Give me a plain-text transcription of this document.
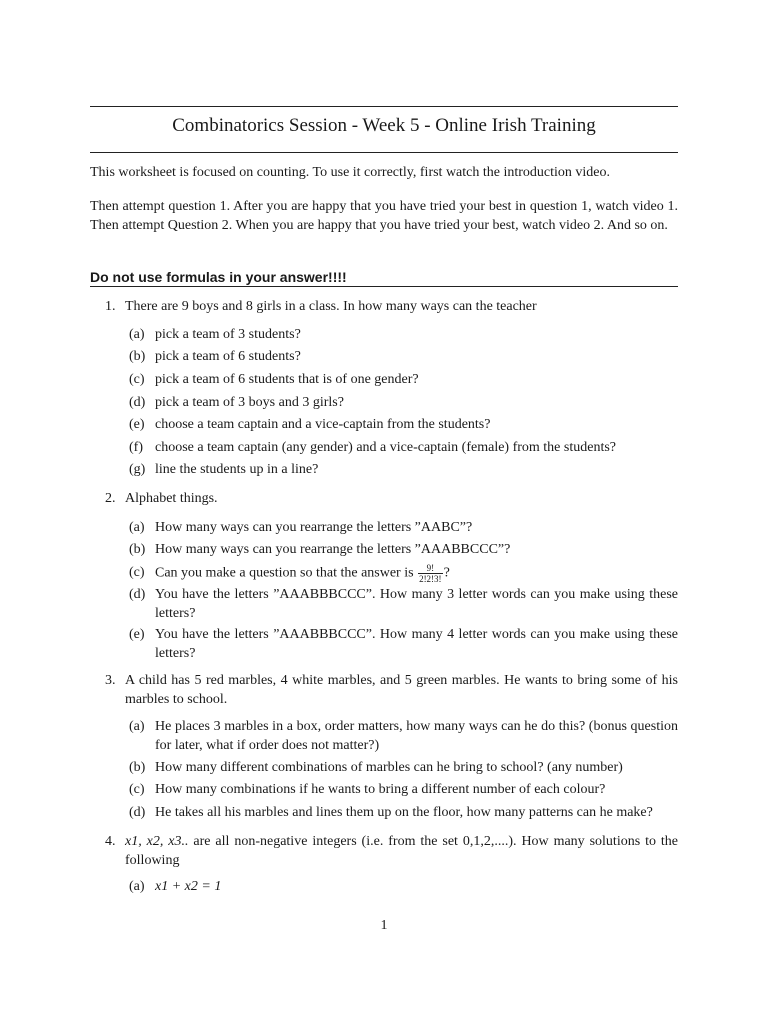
Combinatorics Session - Week 5 - Online Irish Training
This worksheet is focused on counting. To use it correctly, first watch the introduction video.
Then attempt question 1. After you are happy that you have tried your best in question 1, watch video 1. Then attempt Question 2. When you are happy that you have tried your best, watch video 2. And so on.
Do not use formulas in your answer!!!!
1. There are 9 boys and 8 girls in a class. In how many ways can the teacher
(a) pick a team of 3 students?
(b) pick a team of 6 students?
(c) pick a team of 6 students that is of one gender?
(d) pick a team of 3 boys and 3 girls?
(e) choose a team captain and a vice-captain from the students?
(f) choose a team captain (any gender) and a vice-captain (female) from the students?
(g) line the students up in a line?
2. Alphabet things.
(a) How many ways can you rearrange the letters ”AABC”?
(b) How many ways can you rearrange the letters ”AAABBCCC”?
(c) Can you make a question so that the answer is $\frac{9!}{2!2!3!}$ ?
(d) You have the letters ”AAABBBCCC”. How many 3 letter words can you make using these letters?
(e) You have the letters ”AAABBBCCC”. How many 4 letter words can you make using these letters?
3. A child has 5 red marbles, 4 white marbles, and 5 green marbles. He wants to bring some of his marbles to school.
(a) He places 3 marbles in a box, order matters, how many ways can he do this? (bonus question for later, what if order does not matter?)
(b) How many different combinations of marbles can he bring to school? (any number)
(c) How many combinations if he wants to bring a different number of each colour?
(d) He takes all his marbles and lines them up on the floor, how many patterns can he make?
4. x1, x2, x3.. are all non-negative integers (i.e. from the set 0,1,2,....). How many solutions to the following
(a) x1 + x2 = 1
1
